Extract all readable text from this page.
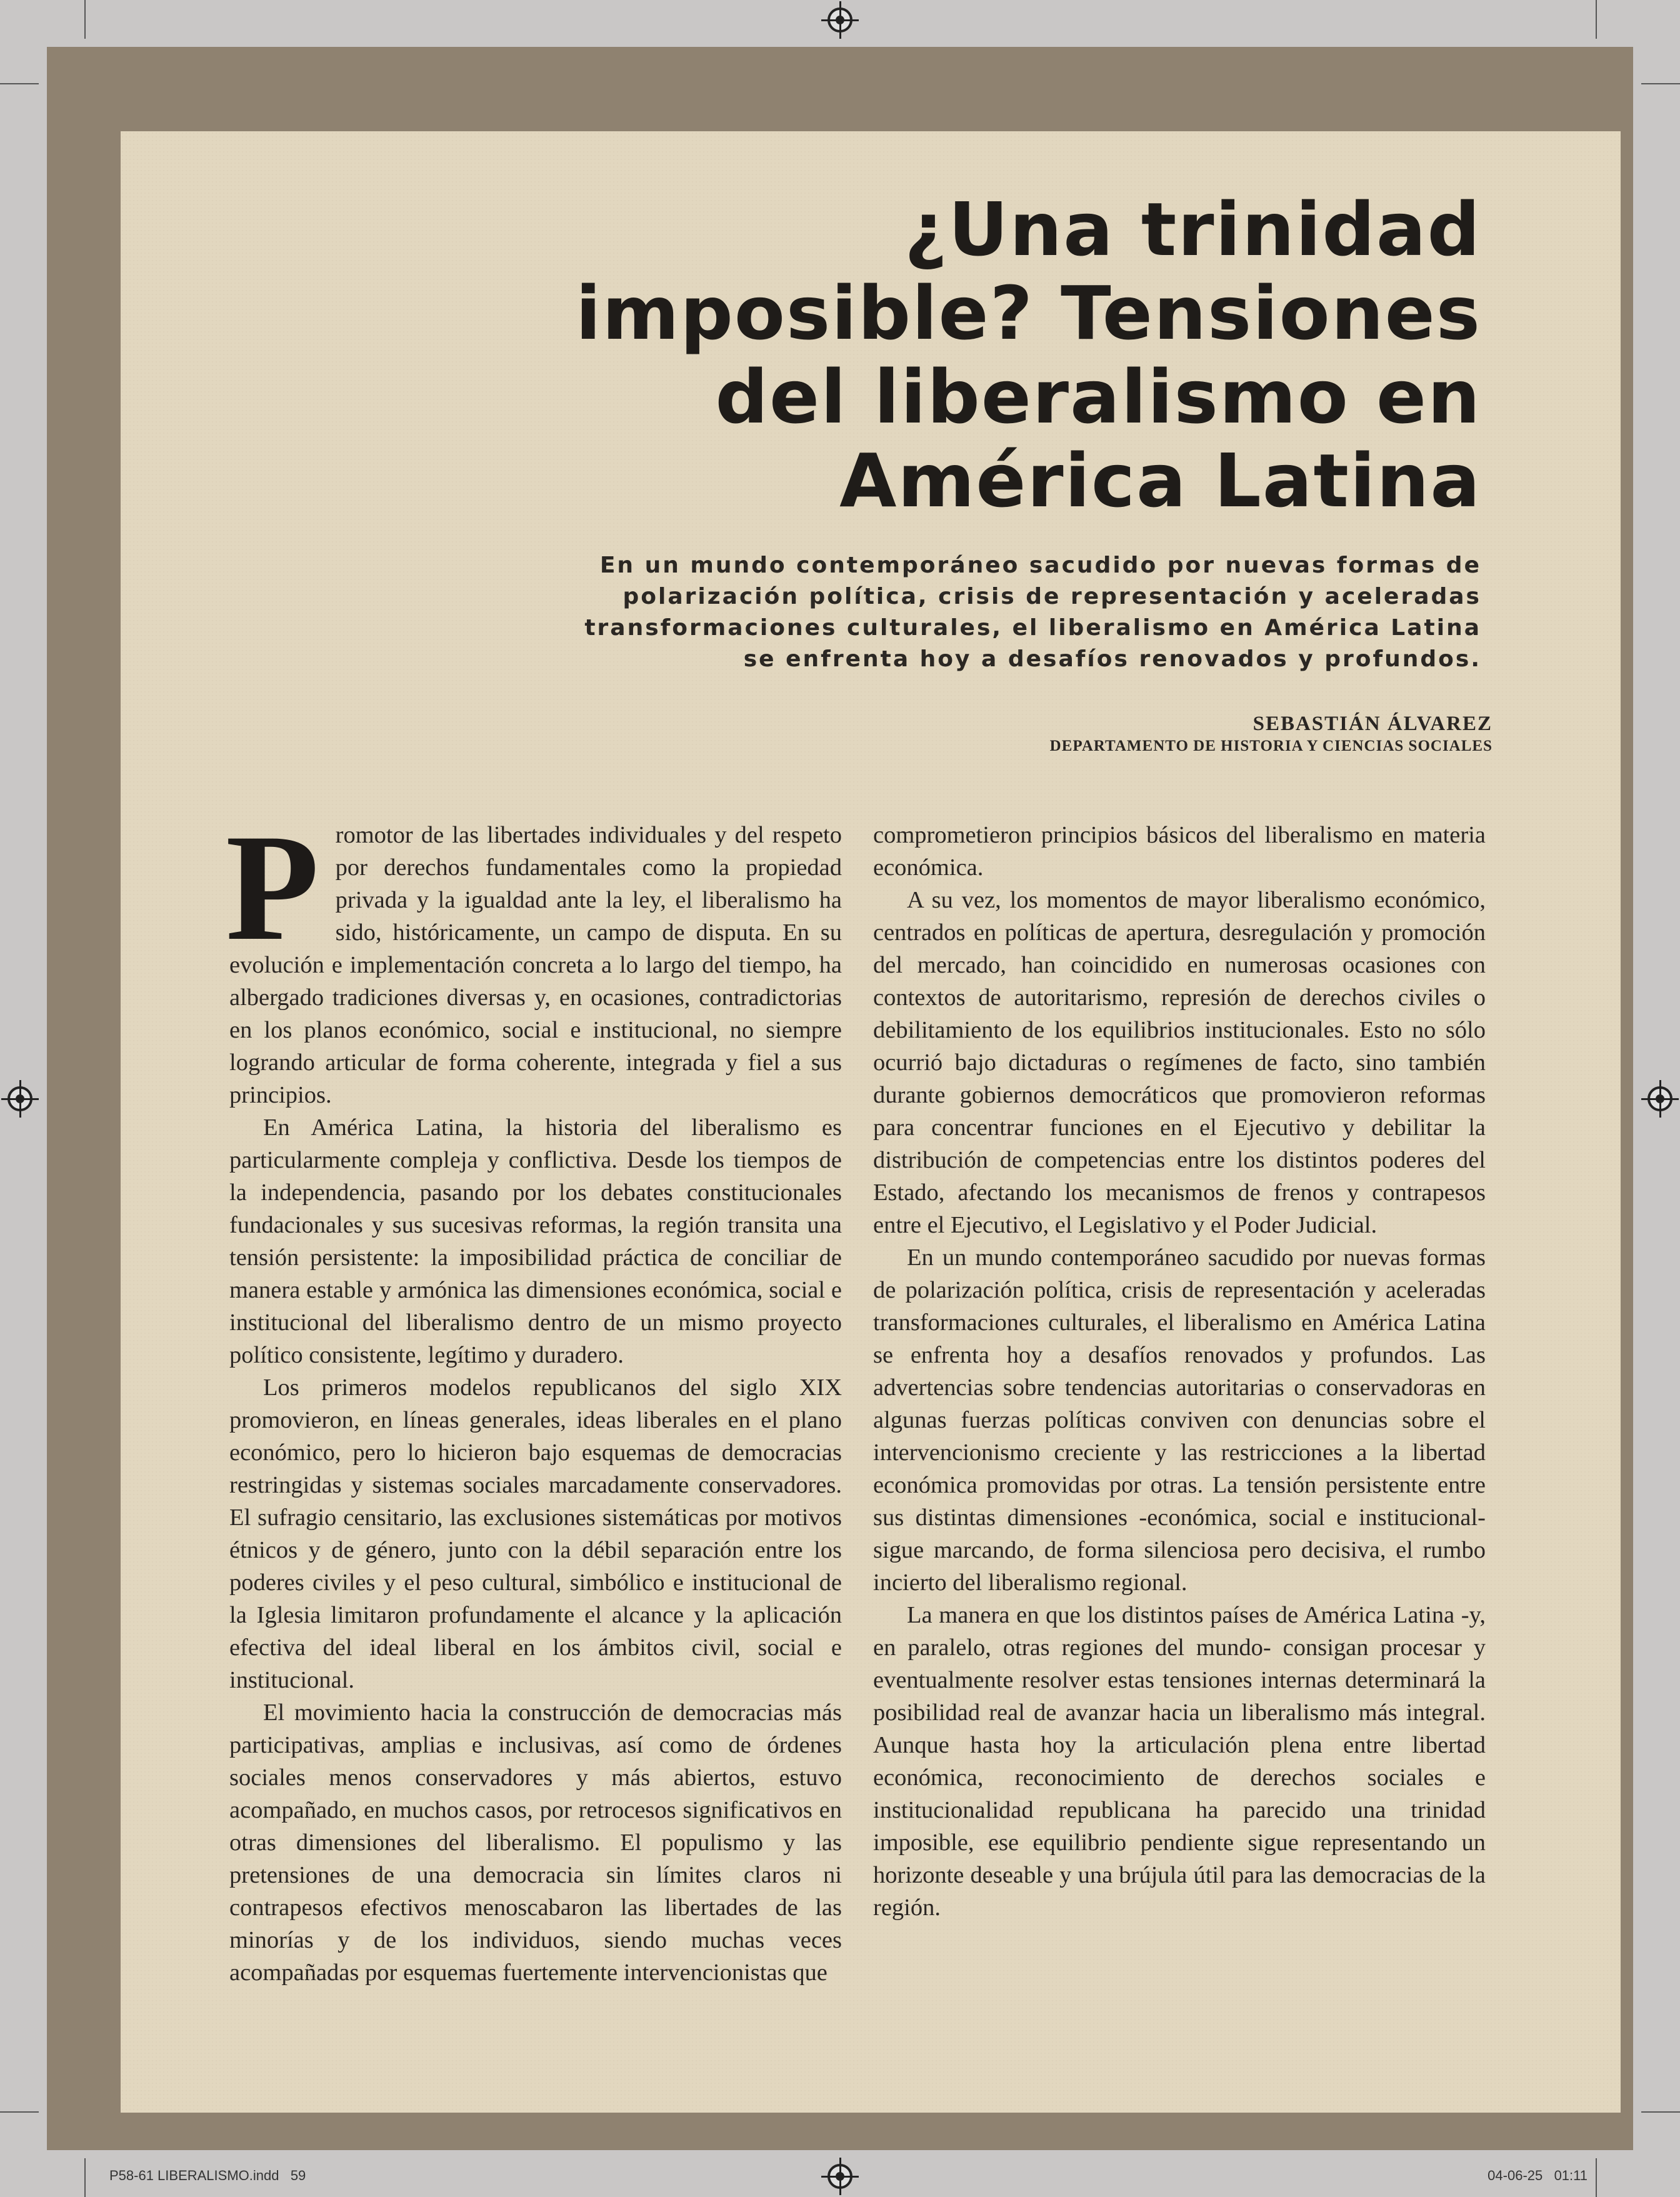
¿Una trinidad imposible? Tensiones del liberalismo en América Latina

En un mundo contemporáneo sacudido por nuevas formas de polarización política, crisis de representación y aceleradas transformaciones culturales, el liberalismo en América Latina se enfrenta hoy a desafíos renovados y profundos.

SEBASTIÁN ÁLVAREZ

DEPARTAMENTO DE HISTORIA Y CIENCIAS SOCIALES

Promotor de las libertades individuales y del respeto por derechos fundamentales como la propiedad privada y la igualdad ante la ley, el liberalismo ha sido, históricamente, un campo de disputa. En su evolución e implementación concreta a lo largo del tiempo, ha albergado tradiciones diversas y, en ocasiones, contradictorias en los planos económico, social e institucional, no siempre logrando articular de forma coherente, integrada y fiel a sus principios.

En América Latina, la historia del liberalismo es particularmente compleja y conflictiva. Desde los tiempos de la independencia, pasando por los debates constitucionales fundacionales y sus sucesivas reformas, la región transita una tensión persistente: la imposibilidad práctica de conciliar de manera estable y armónica las dimensiones económica, social e institucional del liberalismo dentro de un mismo proyecto político consistente, legítimo y duradero.

Los primeros modelos republicanos del siglo XIX promovieron, en líneas generales, ideas liberales en el plano económico, pero lo hicieron bajo esquemas de democracias restringidas y sistemas sociales marcadamente conservadores. El sufragio censitario, las exclusiones sistemáticas por motivos étnicos y de género, junto con la débil separación entre los poderes civiles y el peso cultural, simbólico e institucional de la Iglesia limitaron profundamente el alcance y la aplicación efectiva del ideal liberal en los ámbitos civil, social e institucional.

El movimiento hacia la construcción de democracias más participativas, amplias e inclusivas, así como de órdenes sociales menos conservadores y más abiertos, estuvo acompañado, en muchos casos, por retrocesos significativos en otras dimensiones del liberalismo. El populismo y las pretensiones de una democracia sin límites claros ni contrapesos efectivos menoscabaron las libertades de las minorías y de los individuos, siendo muchas veces acompañadas por esquemas fuertemente intervencionistas que

comprometieron principios básicos del liberalismo en materia económica.

A su vez, los momentos de mayor liberalismo económico, centrados en políticas de apertura, desregulación y promoción del mercado, han coincidido en numerosas ocasiones con contextos de autoritarismo, represión de derechos civiles o debilitamiento de los equilibrios institucionales. Esto no sólo ocurrió bajo dictaduras o regímenes de facto, sino también durante gobiernos democráticos que promovieron reformas para concentrar funciones en el Ejecutivo y debilitar la distribución de competencias entre los distintos poderes del Estado, afectando los mecanismos de frenos y contrapesos entre el Ejecutivo, el Legislativo y el Poder Judicial.

En un mundo contemporáneo sacudido por nuevas formas de polarización política, crisis de representación y aceleradas transformaciones culturales, el liberalismo en América Latina se enfrenta hoy a desafíos renovados y profundos. Las advertencias sobre tendencias autoritarias o conservadoras en algunas fuerzas políticas conviven con denuncias sobre el intervencionismo creciente y las restricciones a la libertad económica promovidas por otras. La tensión persistente entre sus distintas dimensiones -económica, social e institucional- sigue marcando, de forma silenciosa pero decisiva, el rumbo incierto del liberalismo regional.

La manera en que los distintos países de América Latina -y, en paralelo, otras regiones del mundo- consigan procesar y eventualmente resolver estas tensiones internas determinará la posibilidad real de avanzar hacia un liberalismo más integral. Aunque hasta hoy la articulación plena entre libertad económica, reconocimiento de derechos sociales e institucionalidad republicana ha parecido una trinidad imposible, ese equilibrio pendiente sigue representando un horizonte deseable y una brújula útil para las democracias de la región.

P58-61 LIBERALISMO.indd   59	04-06-25   01:11
